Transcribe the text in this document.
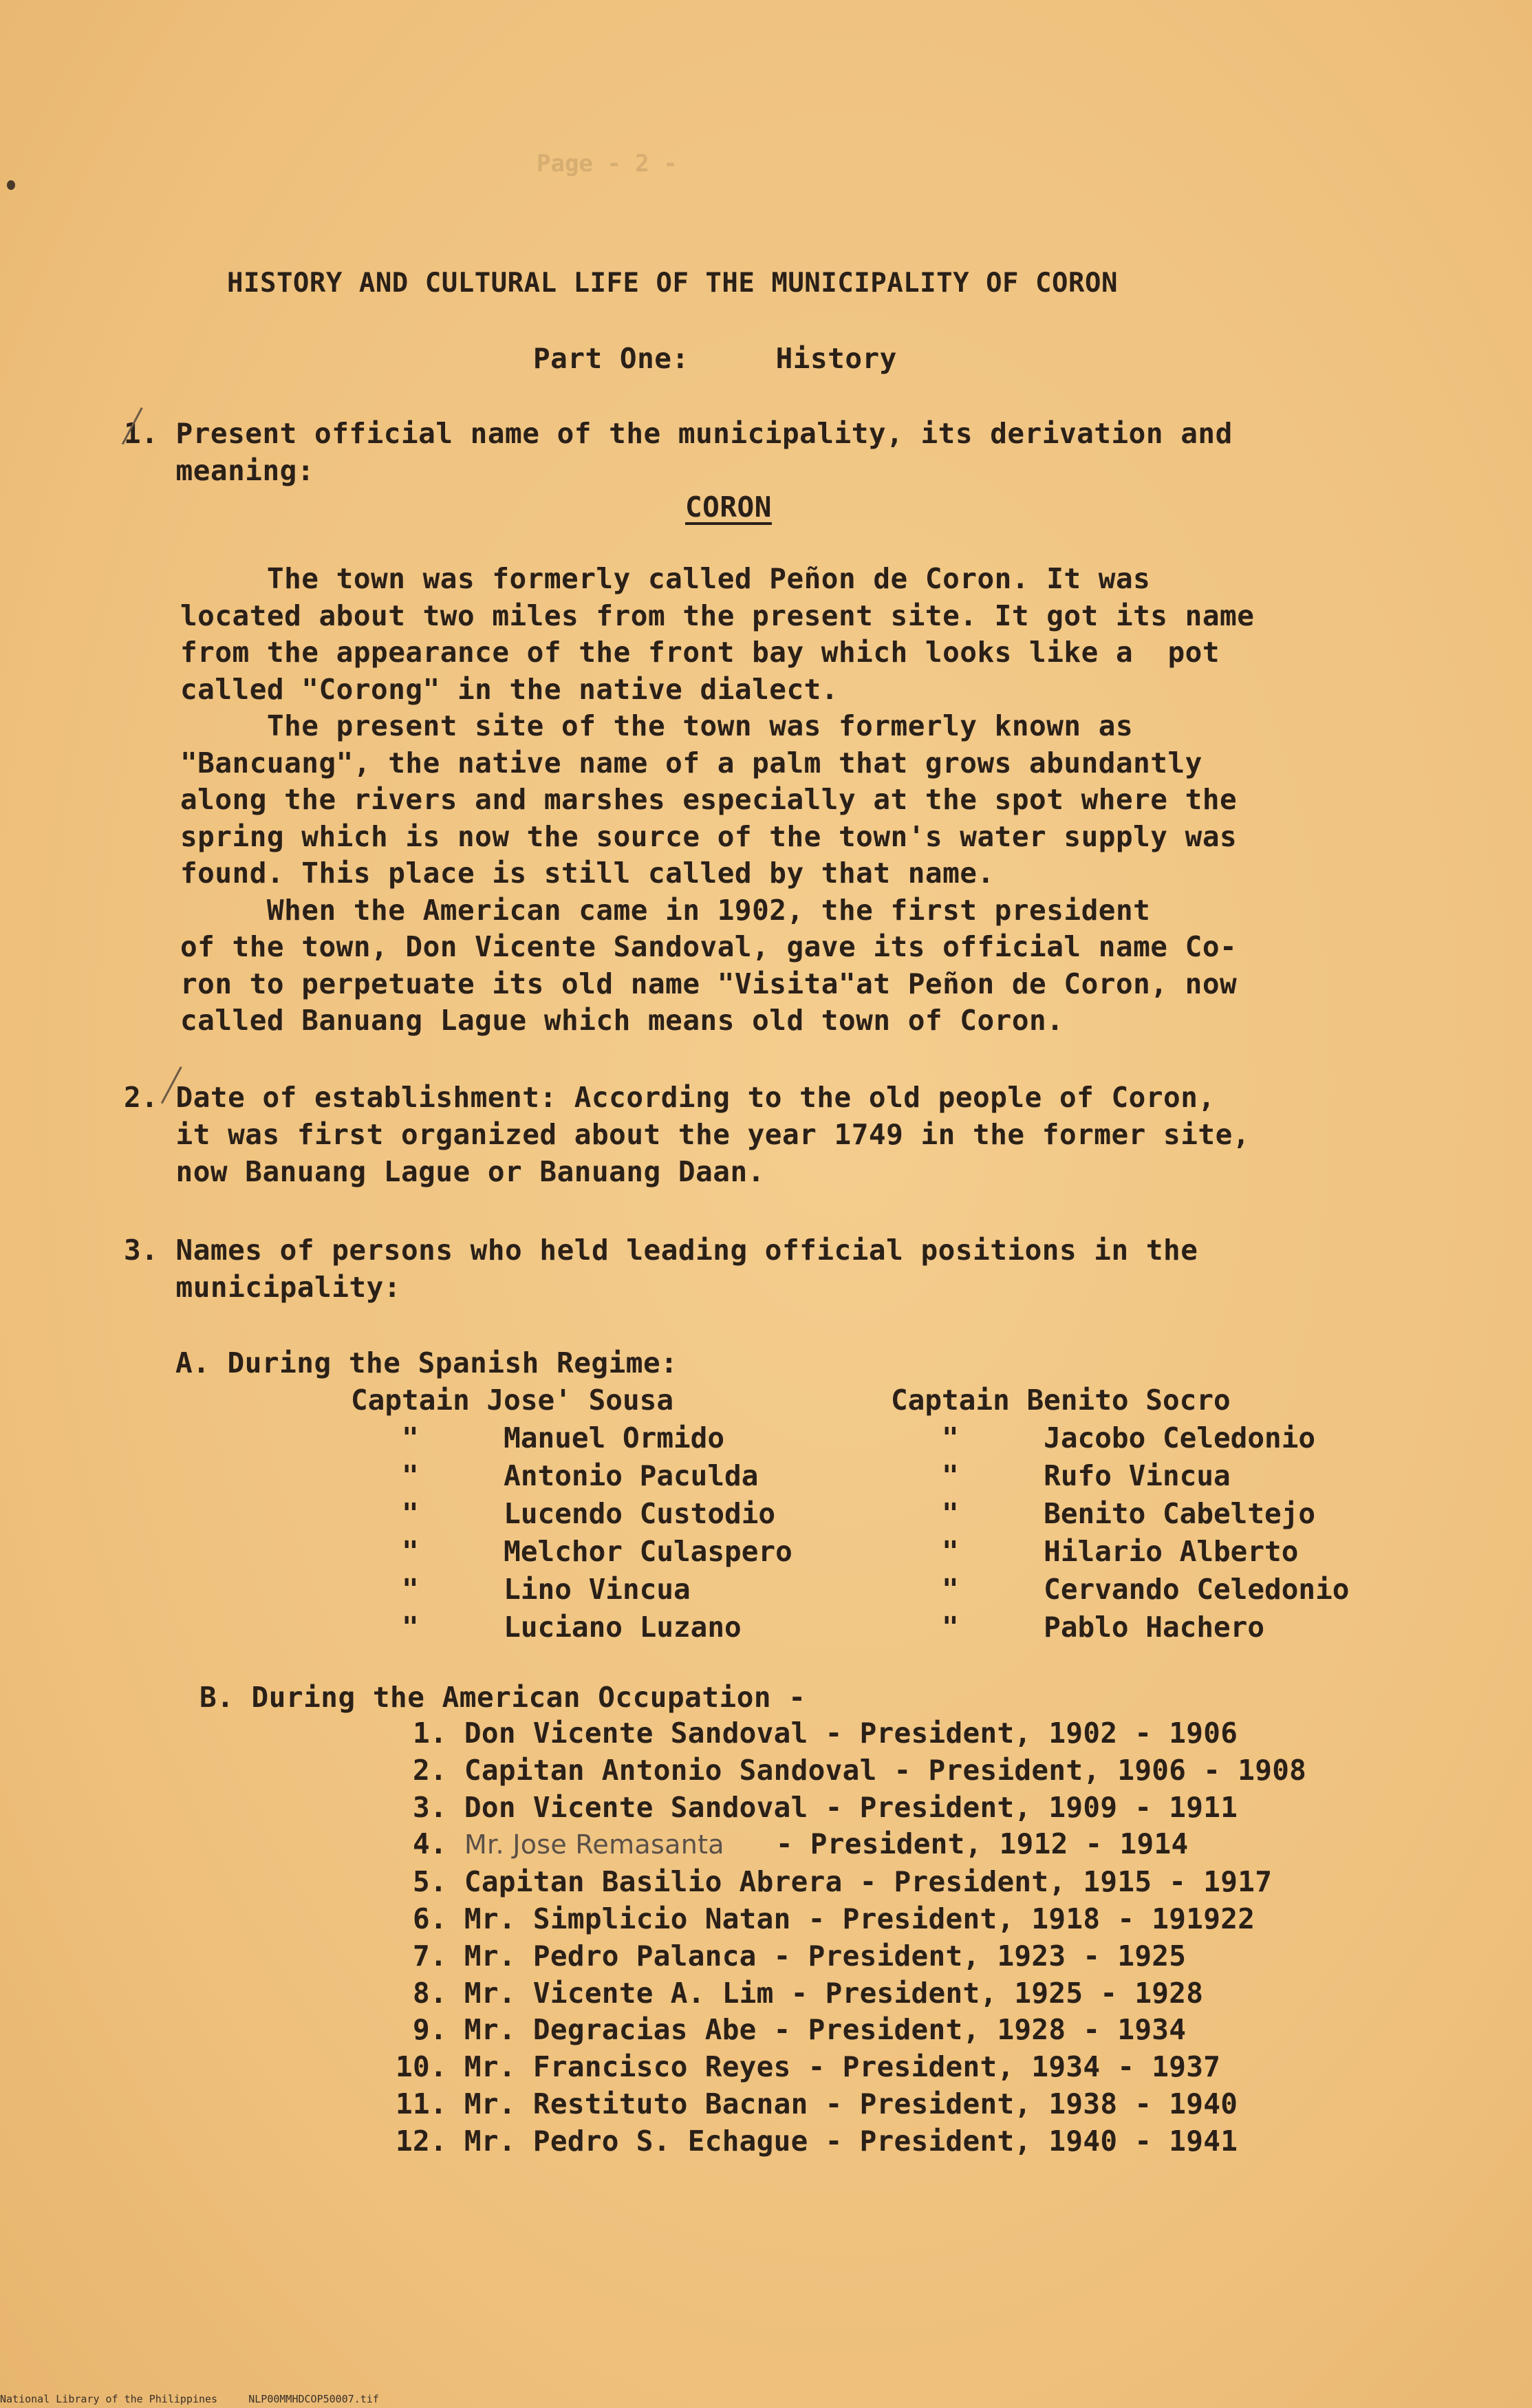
Page - 2 -
HISTORY AND CULTURAL LIFE OF THE MUNICIPALITY OF CORON
Part One:     History
1. Present official name of the municipality, its derivation and
meaning:
CORON
The town was formerly called Peñon de Coron. It was
located about two miles from the present site. It got its name
from the appearance of the front bay which looks like a  pot
called "Corong" in the native dialect.
The present site of the town was formerly known as
"Bancuang", the native name of a palm that grows abundantly
along the rivers and marshes especially at the spot where the
spring which is now the source of the town's water supply was
found. This place is still called by that name.
When the American came in 1902, the first president
of the town, Don Vicente Sandoval, gave its official name Co-
ron to perpetuate its old name "Visita"at Peñon de Coron, now
called Banuang Lague which means old town of Coron.
2. Date of establishment: According to the old people of Coron,
it was first organized about the year 1749 in the former site,
now Banuang Lague or Banuang Daan.
3. Names of persons who held leading official positions in the
municipality:
A. During the Spanish Regime:
Captain Jose' Sousa
"     Manuel Ormido
"     Antonio Paculda
"     Lucendo Custodio
"     Melchor Culaspero
"     Lino Vincua
"     Luciano Luzano
Captain Benito Socro
"     Jacobo Celedonio
"     Rufo Vincua
"     Benito Cabeltejo
"     Hilario Alberto
"     Cervando Celedonio
"     Pablo Hachero
B. During the American Occupation -
1. Don Vicente Sandoval - President, 1902 - 1906
2. Capitan Antonio Sandoval - President, 1906 - 1908
3. Don Vicente Sandoval - President, 1909 - 1911
4. Mr. Jose Remasanta   - President, 1912 - 1914
5. Capitan Basilio Abrera - President, 1915 - 1917
6. Mr. Simplicio Natan - President, 1918 - 191922
7. Mr. Pedro Palanca - President, 1923 - 1925
8. Mr. Vicente A. Lim - President, 1925 - 1928
9. Mr. Degracias Abe - President, 1928 - 1934
10. Mr. Francisco Reyes - President, 1934 - 1937
11. Mr. Restituto Bacnan - President, 1938 - 1940
12. Mr. Pedro S. Echague - President, 1940 - 1941
National Library of the Philippines     NLP00MMHDCOP50007.tif
